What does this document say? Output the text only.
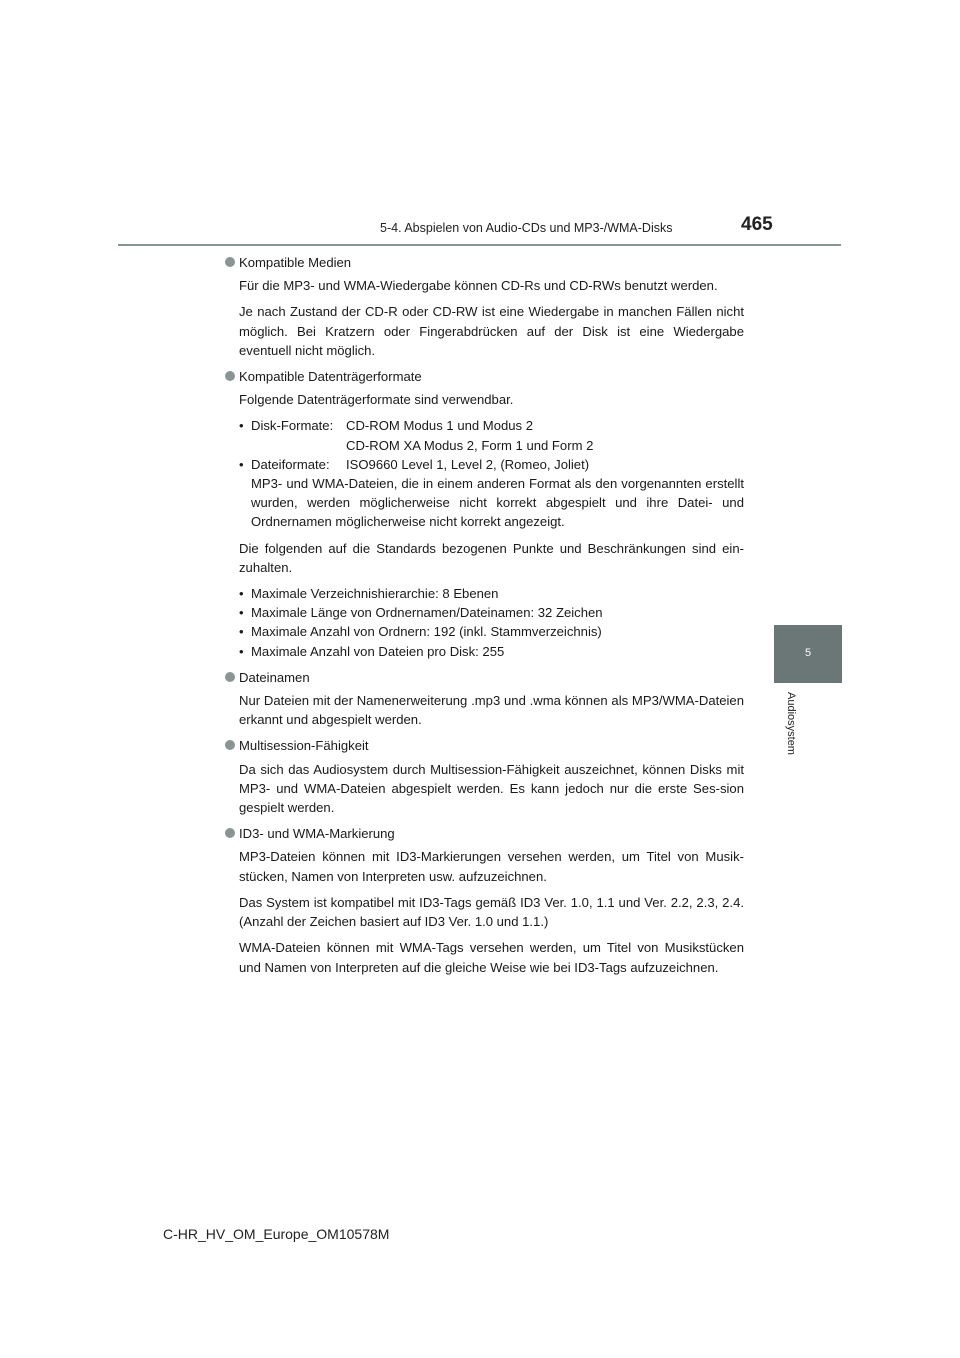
5-4. Abspielen von Audio-CDs und MP3-/WMA-Disks	465
5
Audiosystem
Kompatible Medien

Für die MP3- und WMA-Wiedergabe können CD-Rs und CD-RWs benutzt werden.

Je nach Zustand der CD-R oder CD-RW ist eine Wiedergabe in manchen Fällen nicht möglich. Bei Kratzern oder Fingerabdrücken auf der Disk ist eine Wiedergabe eventuell nicht möglich.

Kompatible Datenträgerformate

Folgende Datenträgerformate sind verwendbar.

• Disk-Formate: CD-ROM Modus 1 und Modus 2
CD-ROM XA Modus 2, Form 1 und Form 2
• Dateiformate:	ISO9660 Level 1, Level 2, (Romeo, Joliet)
MP3- und WMA-Dateien, die in einem anderen Format als den vorgenannten erstellt wurden, werden möglicherweise nicht korrekt abgespielt und ihre Datei- und Ordnernamen möglicherweise nicht korrekt angezeigt.

Die folgenden auf die Standards bezogenen Punkte und Beschränkungen sind ein-zuhalten.

• Maximale Verzeichnishierarchie: 8 Ebenen
• Maximale Länge von Ordnernamen/Dateinamen: 32 Zeichen
• Maximale Anzahl von Ordnern: 192 (inkl. Stammverzeichnis)
• Maximale Anzahl von Dateien pro Disk: 255
Dateinamen

Nur Dateien mit der Namenerweiterung .mp3 und .wma können als MP3/WMA-Dateien erkannt und abgespielt werden.

Multisession-Fähigkeit

Da sich das Audiosystem durch Multisession-Fähigkeit auszeichnet, können Disks mit MP3- und WMA-Dateien abgespielt werden. Es kann jedoch nur die erste Ses-sion gespielt werden.

ID3- und WMA-Markierung

MP3-Dateien können mit ID3-Markierungen versehen werden, um Titel von Musik-stücken, Namen von Interpreten usw. aufzuzeichnen.

Das System ist kompatibel mit ID3-Tags gemäß ID3 Ver. 1.0, 1.1 und Ver. 2.2, 2.3, 2.4. (Anzahl der Zeichen basiert auf ID3 Ver. 1.0 und 1.1.)

WMA-Dateien können mit WMA-Tags versehen werden, um Titel von Musikstücken und Namen von Interpreten auf die gleiche Weise wie bei ID3-Tags aufzuzeichnen.

C-HR_HV_OM_Europe_OM10578M
